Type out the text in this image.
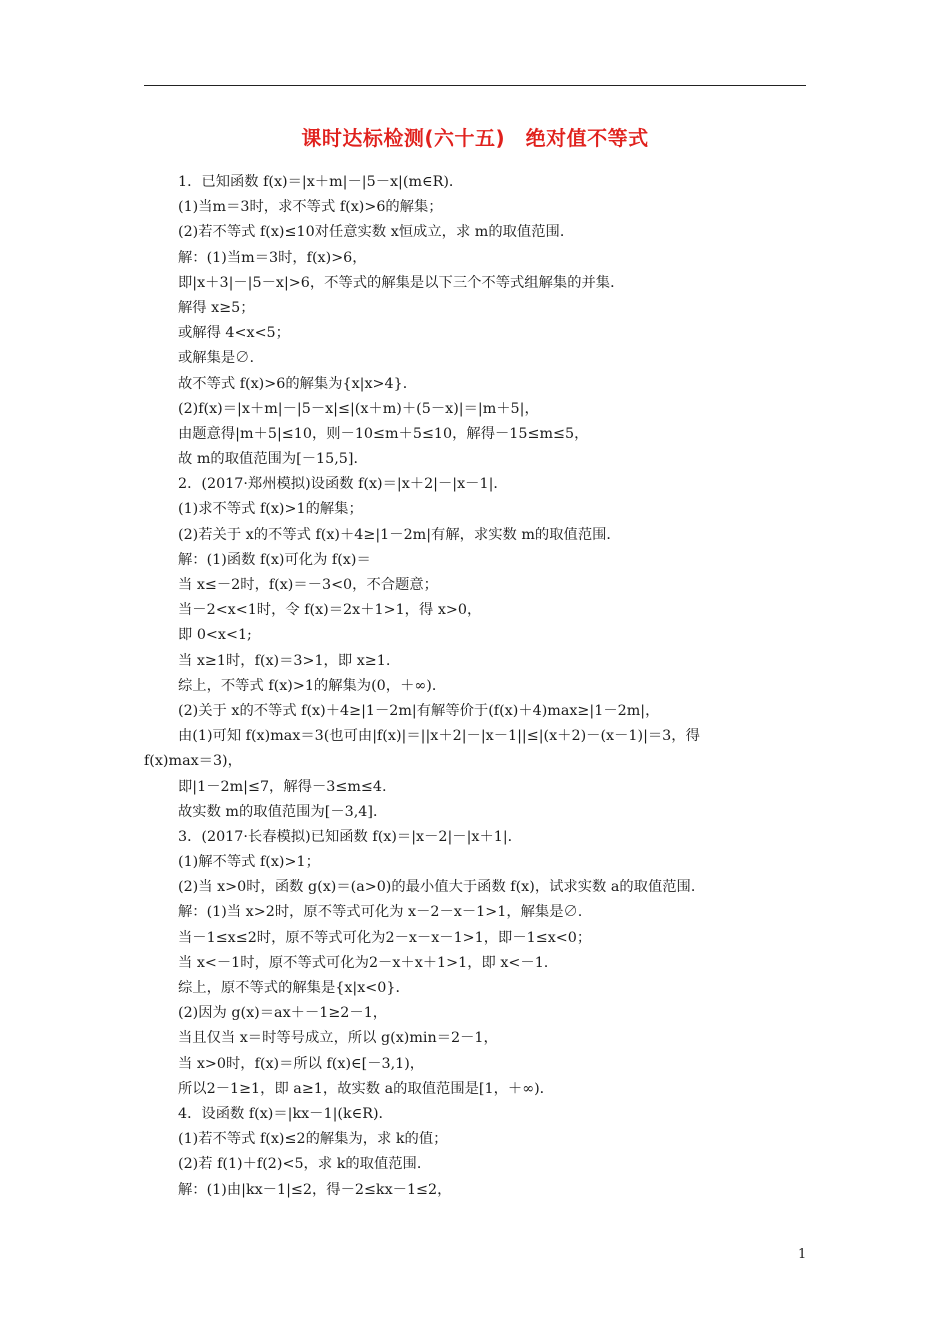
课时达标检测(六十五)　绝对值不等式
1．已知函数 f(x)＝|x＋m|－|5－x|(m∈R)．
(1)当m＝3时，求不等式 f(x)>6的解集；
(2)若不等式 f(x)≤10对任意实数 x恒成立，求 m的取值范围．
解：(1)当m＝3时，f(x)>6，
即|x＋3|－|5－x|>6，不等式的解集是以下三个不等式组解集的并集．
解得 x≥5；
或解得 4<x<5；
或解集是∅.
故不等式 f(x)>6的解集为{x|x>4}．
(2)f(x)＝|x＋m|－|5－x|≤|(x＋m)＋(5－x)|＝|m＋5|，
由题意得|m＋5|≤10，则－10≤m＋5≤10，解得－15≤m≤5，
故 m的取值范围为[－15,5]．
2．(2017·郑州模拟)设函数 f(x)＝|x＋2|－|x－1|．
(1)求不等式 f(x)>1的解集；
(2)若关于 x的不等式 f(x)＋4≥|1－2m|有解，求实数 m的取值范围．
解：(1)函数 f(x)可化为 f(x)＝
当 x≤－2时，f(x)＝－3<0，不合题意；
当－2<x<1时，令 f(x)＝2x＋1>1，得 x>0，
即 0<x<1;
当 x≥1时，f(x)＝3>1，即 x≥1.
综上，不等式 f(x)>1的解集为(0，＋∞)．
(2)关于 x的不等式 f(x)＋4≥|1－2m|有解等价于(f(x)＋4)max≥|1－2m|，
由(1)可知 f(x)max＝3(也可由|f(x)|＝||x＋2|－|x－1||≤|(x＋2)－(x－1)|＝3，得
f(x)max＝3)，
即|1－2m|≤7，解得－3≤m≤4.
故实数 m的取值范围为[－3,4]．
3．(2017·长春模拟)已知函数 f(x)＝|x－2|－|x＋1|．
(1)解不等式 f(x)>1；
(2)当 x>0时，函数 g(x)＝(a>0)的最小值大于函数 f(x)，试求实数 a的取值范围．
解：(1)当 x>2时，原不等式可化为 x－2－x－1>1，解集是∅.
当－1≤x≤2时，原不等式可化为2－x－x－1>1，即－1≤x<0；
当 x<－1时，原不等式可化为2－x＋x＋1>1，即 x<－1.
综上，原不等式的解集是{x|x<0}．
(2)因为 g(x)＝ax＋－1≥2－1，
当且仅当 x＝时等号成立，所以 g(x)min＝2－1，
当 x>0时，f(x)＝所以 f(x)∈[－3,1)，
所以2－1≥1，即 a≥1，故实数 a的取值范围是[1，＋∞)．
4．设函数 f(x)＝|kx－1|(k∈R)．
(1)若不等式 f(x)≤2的解集为，求 k的值；
(2)若 f(1)＋f(2)<5，求 k的取值范围．
解：(1)由|kx－1|≤2，得－2≤kx－1≤2，
1
